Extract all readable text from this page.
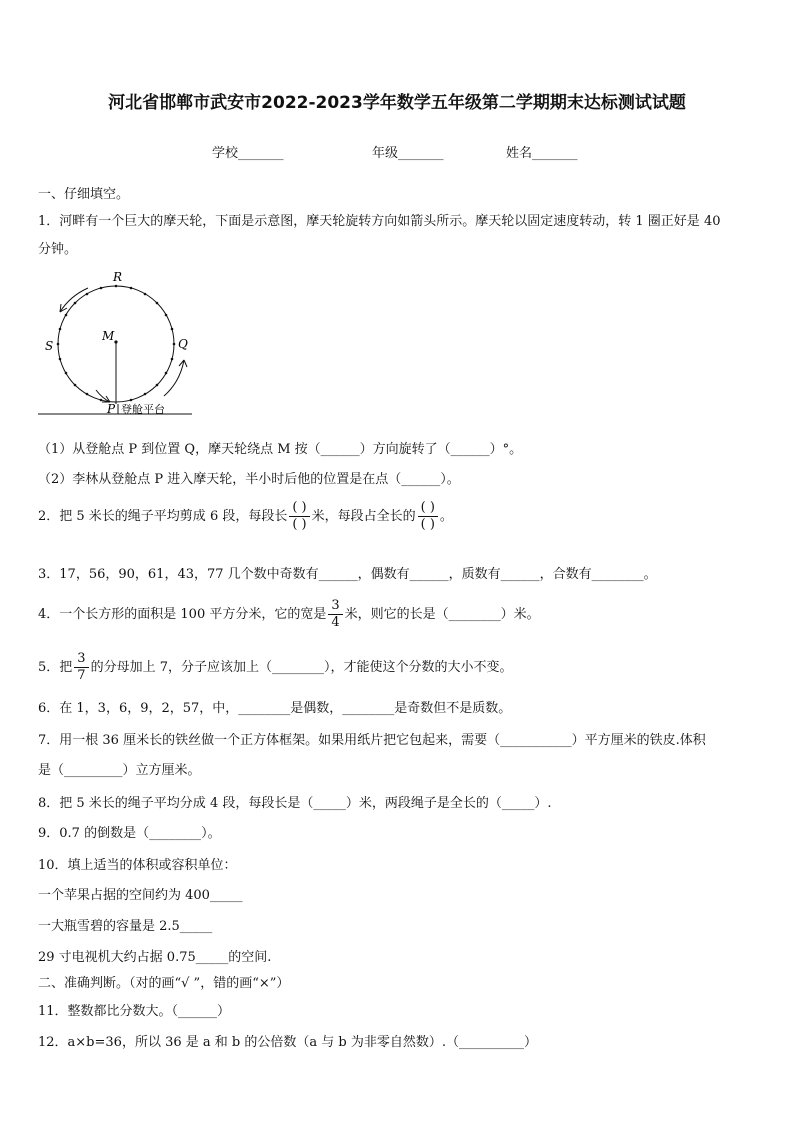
河北省邯郸市武安市2022-2023学年数学五年级第二学期期末达标测试试题
学校_______	年级_______	姓名_______
一、仔细填空。
1．河畔有一个巨大的摩天轮，下面是示意图，摩天轮旋转方向如箭头所示。摩天轮以固定速度转动，转 1 圈正好是 40
分钟。
R
S
M
Q
P 登舱平台
（1）从登舱点 P 到位置 Q，摩天轮绕点 M 按（______）方向旋转了（______）°。
（2）李林从登舱点 P 进入摩天轮，半小时后他的位置是在点（______）。
2．把 5 米长的绳子平均剪成 6 段，每段长 $\frac{( )}{( )}$ 米，每段占全长的 $\frac{( )}{( )}$ 。
3．17，56，90，61，43，77 几个数中奇数有______，偶数有______，质数有______，合数有________。
4．一个长方形的面积是 100 平方分米，它的宽是 $\frac{3}{4}$ 米，则它的长是（________）米。
5．把 $\frac{3}{7}$ 的分母加上 7，分子应该加上（________），才能使这个分数的大小不变。
6．在 1，3，6，9，2，57，中，________是偶数，________是奇数但不是质数。
7．用一根 36 厘米长的铁丝做一个正方体框架。如果用纸片把它包起来，需要（___________）平方厘米的铁皮.体积
是（_________）立方厘米。
8．把 5 米长的绳子平均分成 4 段，每段长是（_____）米，两段绳子是全长的（_____）.
9．0.7 的倒数是（________）。
10．填上适当的体积或容积单位：
一个苹果占据的空间约为 400_____
一大瓶雪碧的容量是 2.5_____
29 寸电视机大约占据 0.75_____的空间.
二、准确判断。（对的画“√ ”，错的画“×”）
11．整数都比分数大。（______）
12．a×b=36，所以 36 是 a 和 b 的公倍数（a 与 b 为非零自然数）.（__________）
